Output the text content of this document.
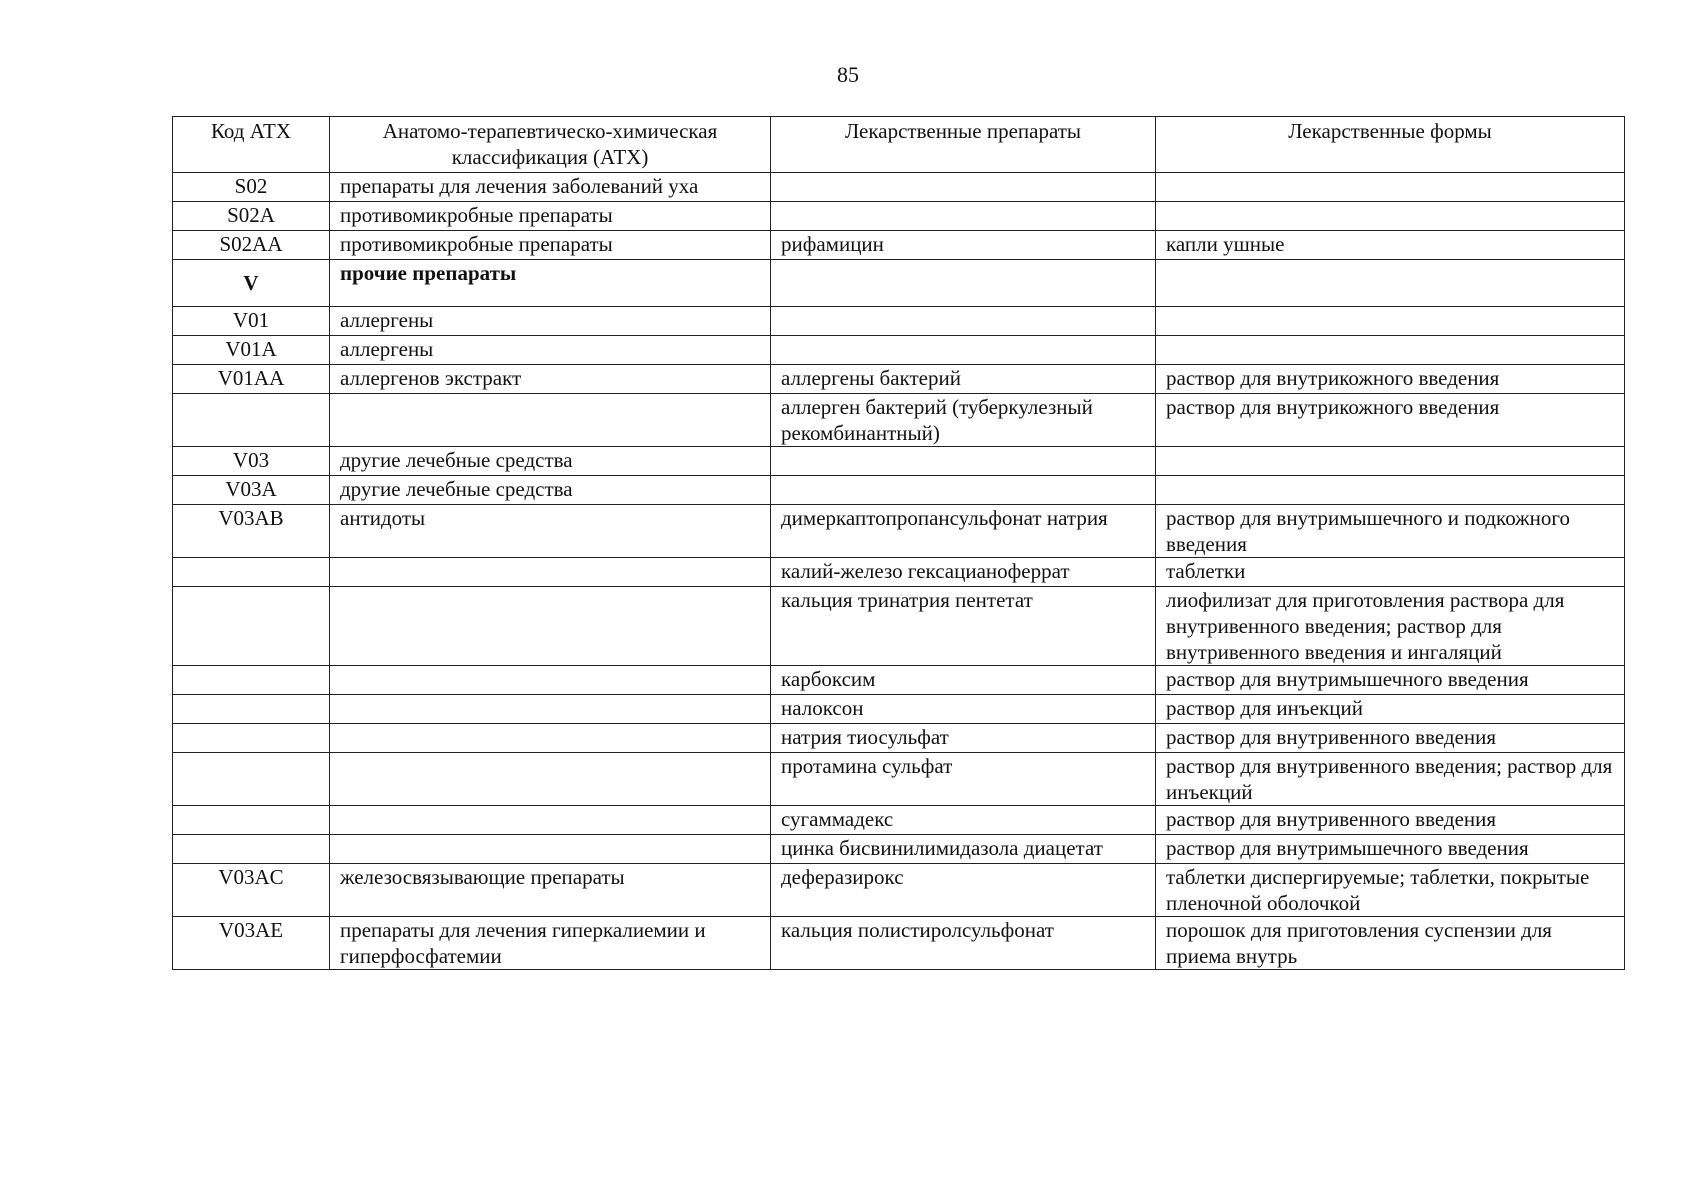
85
Код АТХ	Анатомо-терапевтическо-химическая классификация (АТХ)	Лекарственные препараты	Лекарственные формы
S02	препараты для лечения заболеваний уха		
S02A	противомикробные препараты		
S02AA	противомикробные препараты	рифамицин	капли ушные
V	прочие препараты		
V01	аллергены		
V01A	аллергены		
V01AA	аллергенов экстракт	аллергены бактерий	раствор для внутрикожного введения
		аллерген бактерий (туберкулезный рекомбинантный)	раствор для внутрикожного введения
V03	другие лечебные средства		
V03A	другие лечебные средства		
V03AB	антидоты	димеркаптопропансульфонат натрия	раствор для внутримышечного и подкожного введения
		калий-железо гексацианоферрат	таблетки
		кальция тринатрия пентетат	лиофилизат для приготовления раствора для внутривенного введения; раствор для внутривенного введения и ингаляций
		карбоксим	раствор для внутримышечного введения
		налоксон	раствор для инъекций
		натрия тиосульфат	раствор для внутривенного введения
		протамина сульфат	раствор для внутривенного введения; раствор для инъекций
		сугаммадекс	раствор для внутривенного введения
		цинка бисвинилимидазола диацетат	раствор для внутримышечного введения
V03AC	железосвязывающие препараты	деферазирокс	таблетки диспергируемые; таблетки, покрытые пленочной оболочкой
V03AE	препараты для лечения гиперкалиемии и гиперфосфатемии	кальция полистиролсульфонат	порошок для приготовления суспензии для приема внутрь
